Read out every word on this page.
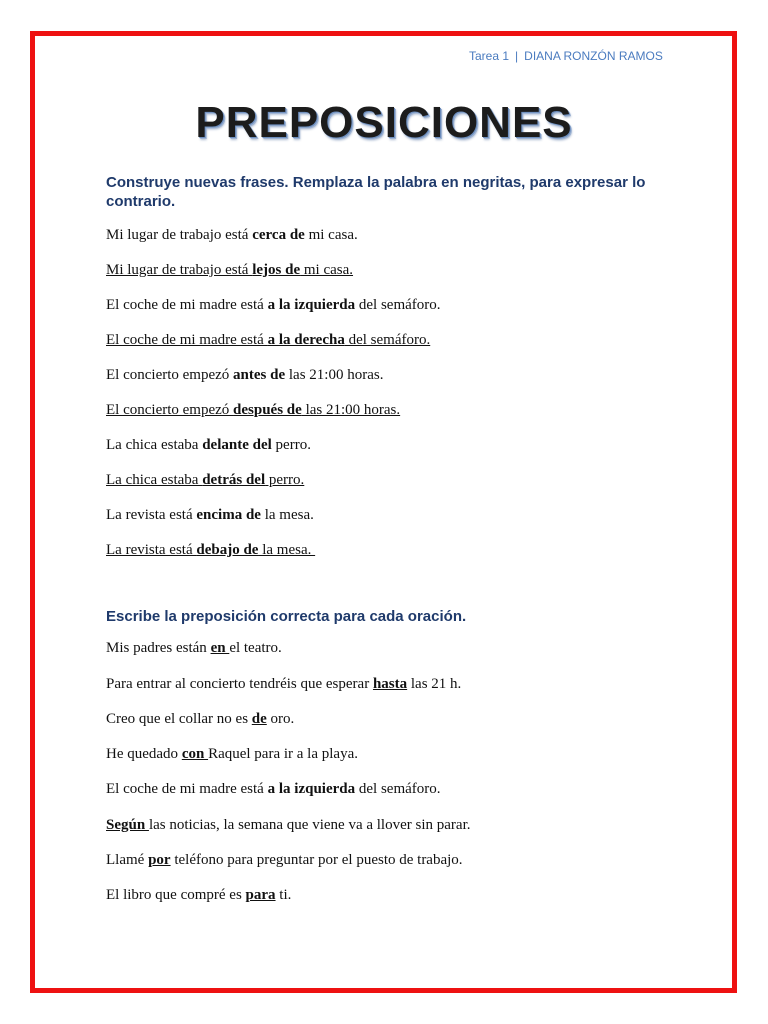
Tarea 1 | DIANA RONZÓN RAMOS
PREPOSICIONES
Construye nuevas frases. Remplaza la palabra en negritas, para expresar lo contrario.
Mi lugar de trabajo está cerca de mi casa.
Mi lugar de trabajo está lejos de mi casa.
El coche de mi madre está a la izquierda del semáforo.
El coche de mi madre está a la derecha del semáforo.
El concierto empezó antes de las 21:00 horas.
El concierto empezó después de las 21:00 horas.
La chica estaba delante del perro.
La chica estaba detrás del perro.
La revista está encima de la mesa.
La revista está debajo de la mesa.
Escribe la preposición correcta para cada oración.
Mis padres están en el teatro.
Para entrar al concierto tendréis que esperar hasta las 21 h.
Creo que el collar no es de oro.
He quedado con Raquel para ir a la playa.
El coche de mi madre está a la izquierda del semáforo.
Según las noticias, la semana que viene va a llover sin parar.
Llamé por teléfono para preguntar por el puesto de trabajo.
El libro que compré es para ti.
